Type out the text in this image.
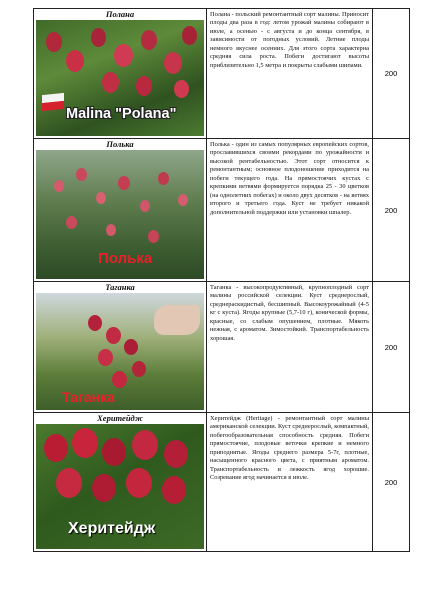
Полана
Malina "Polana"	Полана - польский ремонтантный сорт малины. Приносит плоды два раза в год: летом урожай малины собирают в июле, а осенью - с августа и до конца сентября, в зависимости от погодных условий. Летние плоды немного вкуснее осенних. Для этого сорта характерна средняя сила роста. Побеги достигают высоты приблизительно 1,5 метра и покрыты слабыми шипами.	200

Полька
Полька	Полька - один из самых популярных европейских сортов, прославившихся своими рекордами по урожайности и высокой рентабельностью. Этот сорт относится к ремонтантным; основное плодоношение приходится на побеги текущего года. На прямостоячих кустах с крепкими ветвями формируется порядка 25 - 30 цветков (на однолетних побегах) и около двух десятков - на ветвях второго и третьего года. Куст не требует никакой дополнительной поддержки или установки шпалер.	200

Таганка
Таганка	Таганка - высокопродуктивный, крупноплодный сорт малины российской селекции. Куст среднерослый, среднераскидистый, бесшипный. Высокоурожайный (4-5 кг с куста). Ягоды крупные (5,7-10 г), конической формы, красные, со слабым опушением, плотные. Мякоть нежная, с ароматом. Зимостойкий. Транспортабельность хорошая.	200

Херитейдж
Херитейдж	Херитейдж (Heritage) - ремонтантный сорт малины американской селекции. Куст среднерослый, компактный, побегообразовательная способность средняя. Побеги прямостоячие, плодовые веточки крепкие и немного приподнятые. Ягоды среднего размера 5-7г, плотные, насыщенного красного цвета, с приятным ароматом. Транспортабельность и лежкость ягод хорошие. Созревание ягод начинается в июле.	200
